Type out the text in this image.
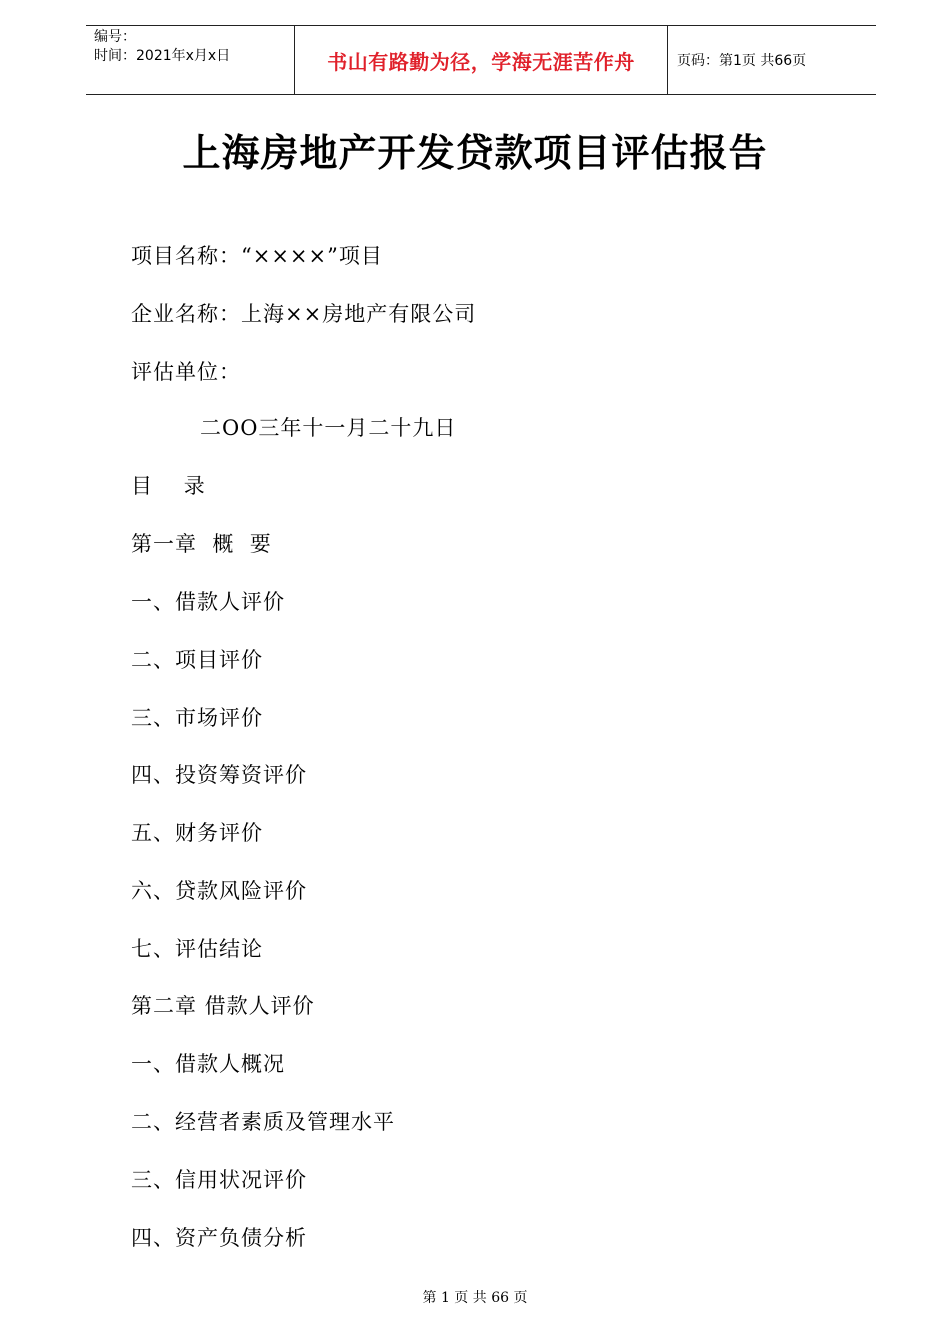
编号：
时间：2021年x月x日	书山有路勤为径，学海无涯苦作舟	页码：第1页 共66页
上海房地产开发贷款项目评估报告
项目名称：“××××”项目
企业名称：上海××房地产有限公司
评估单位：
二OO三年十一月二十九日
目    录
第一章  概  要
一、借款人评价
二、项目评价
三、市场评价
四、投资筹资评价
五、财务评价
六、贷款风险评价
七、评估结论
第二章 借款人评价
一、借款人概况
二、经营者素质及管理水平
三、信用状况评价
四、资产负债分析
第 1 页 共 66 页
